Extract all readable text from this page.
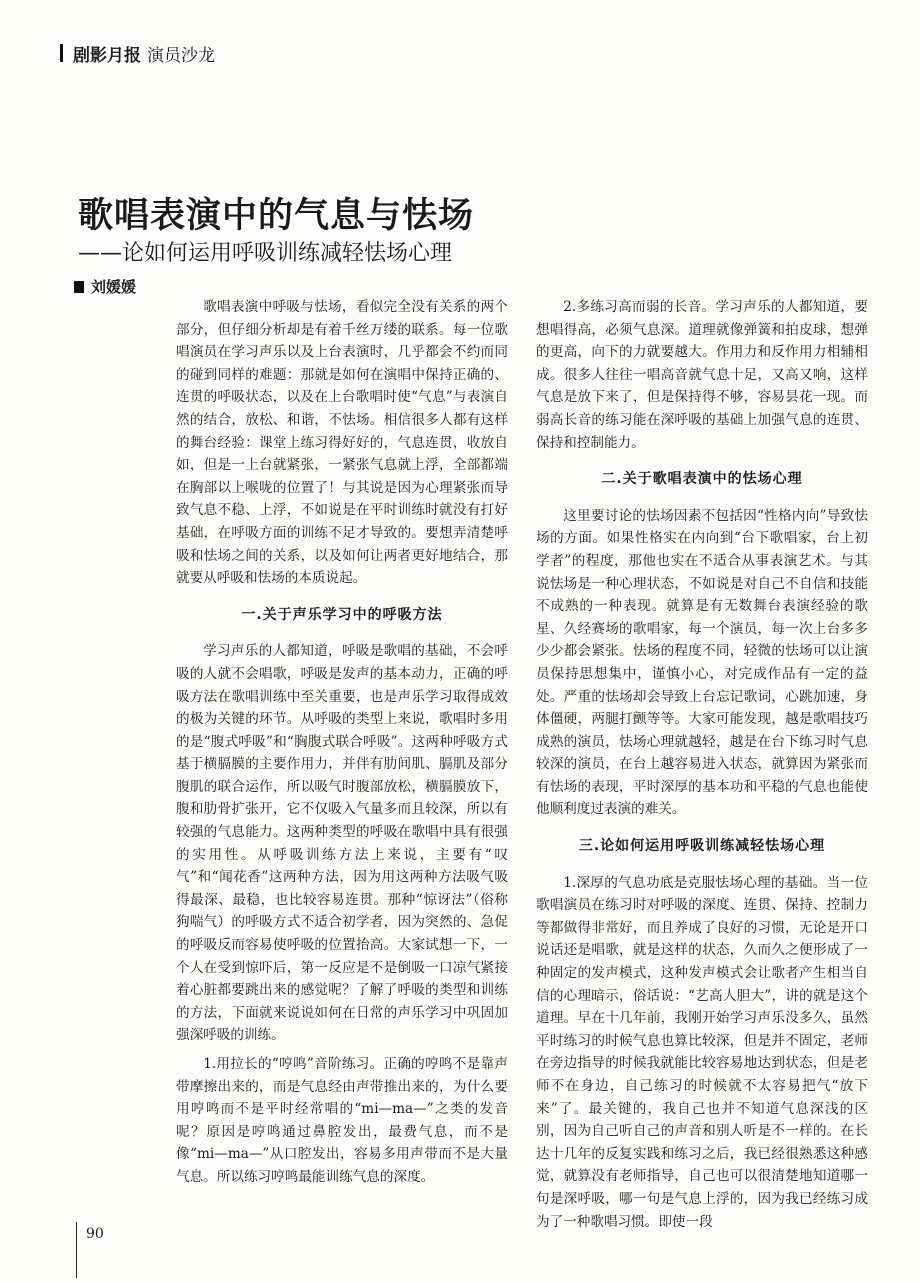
剧影月报 演员沙龙
歌唱表演中的气息与怯场
——论如何运用呼吸训练减轻怯场心理
刘媛媛

歌唱表演中呼吸与怯场，看似完全没有关系的两个部分，但仔细分析却是有着千丝万缕的联系。每一位歌唱演员在学习声乐以及上台表演时，几乎都会不约而同的碰到同样的难题：那就是如何在演唱中保持正确的、连贯的呼吸状态，以及在上台歌唱时使“气息”与表演自然的结合，放松、和谐，不怯场。相信很多人都有这样的舞台经验：课堂上练习得好好的，气息连贯，收放自如，但是一上台就紧张，一紧张气息就上浮，全部都端在胸部以上喉咙的位置了！与其说是因为心理紧张而导致气息不稳、上浮，不如说是在平时训练时就没有打好基础，在呼吸方面的训练不足才导致的。要想弄清楚呼吸和怯场之间的关系，以及如何让两者更好地结合，那就要从呼吸和怯场的本质说起。

一.关于声乐学习中的呼吸方法

学习声乐的人都知道，呼吸是歌唱的基础，不会呼吸的人就不会唱歌，呼吸是发声的基本动力，正确的呼吸方法在歌唱训练中至关重要，也是声乐学习取得成效的极为关键的环节。从呼吸的类型上来说，歌唱时多用的是“腹式呼吸”和“胸腹式联合呼吸”。这两种呼吸方式基于横膈膜的主要作用力，并伴有肋间肌、膈肌及部分腹肌的联合运作，所以吸气时腹部放松，横膈膜放下，腹和肋骨扩张开，它不仅吸入气量多而且较深，所以有较强的气息能力。这两种类型的呼吸在歌唱中具有很强的实用性。从呼吸训练方法上来说，主要有“叹气”和“闻花香”这两种方法，因为用这两种方法吸气吸得最深、最稳，也比较容易连贯。那种“惊讶法”（俗称狗喘气）的呼吸方式不适合初学者，因为突然的、急促的呼吸反而容易使呼吸的位置抬高。大家试想一下，一个人在受到惊吓后，第一反应是不是倒吸一口凉气紧接着心脏都要跳出来的感觉呢？了解了呼吸的类型和训练的方法，下面就来说说如何在日常的声乐学习中巩固加强深呼吸的训练。

1.用拉长的“哼鸣”音阶练习。正确的哼鸣不是靠声带摩擦出来的，而是气息经由声带推出来的，为什么要用哼鸣而不是平时经常唱的“mi—ma—”之类的发音呢？原因是哼鸣通过鼻腔发出，最费气息，而不是像“mi—ma—”从口腔发出，容易多用声带而不是大量气息。所以练习哼鸣最能训练气息的深度。

2.多练习高而弱的长音。学习声乐的人都知道，要想唱得高，必须气息深。道理就像弹簧和拍皮球，想弹的更高，向下的力就要越大。作用力和反作用力相辅相成。很多人往往一唱高音就气息十足，又高又响，这样气息是放下来了，但是保持得不够，容易昙花一现。而弱高长音的练习能在深呼吸的基础上加强气息的连贯、保持和控制能力。

二.关于歌唱表演中的怯场心理

这里要讨论的怯场因素不包括因“性格内向”导致怯场的方面。如果性格实在内向到“台下歌唱家，台上初学者”的程度，那他也实在不适合从事表演艺术。与其说怯场是一种心理状态，不如说是对自己不自信和技能不成熟的一种表现。就算是有无数舞台表演经验的歌星、久经赛场的歌唱家，每一个演员，每一次上台多多少少都会紧张。怯场的程度不同，轻微的怯场可以让演员保持思想集中，谨慎小心，对完成作品有一定的益处。严重的怯场却会导致上台忘记歌词，心跳加速，身体僵硬，两腿打颤等等。大家可能发现，越是歌唱技巧成熟的演员，怯场心理就越轻，越是在台下练习时气息较深的演员，在台上越容易进入状态，就算因为紧张而有怯场的表现，平时深厚的基本功和平稳的气息也能使他顺利度过表演的难关。

三.论如何运用呼吸训练减轻怯场心理

1.深厚的气息功底是克服怯场心理的基础。当一位歌唱演员在练习时对呼吸的深度、连贯、保持、控制力等都做得非常好，而且养成了良好的习惯，无论是开口说话还是唱歌，就是这样的状态，久而久之便形成了一种固定的发声模式，这种发声模式会让歌者产生相当自信的心理暗示，俗话说：“艺高人胆大”，讲的就是这个道理。早在十几年前，我刚开始学习声乐没多久，虽然平时练习的时候气息也算比较深，但是并不固定，老师在旁边指导的时候我就能比较容易地达到状态，但是老师不在身边，自己练习的时候就不太容易把气“放下来”了。最关键的，我自己也并不知道气息深浅的区别，因为自己听自己的声音和别人听是不一样的。在长达十几年的反复实践和练习之后，我已经很熟悉这种感觉，就算没有老师指导，自己也可以很清楚地知道哪一句是深呼吸，哪一句是气息上浮的，因为我已经练习成为了一种歌唱习惯。即使一段

90
